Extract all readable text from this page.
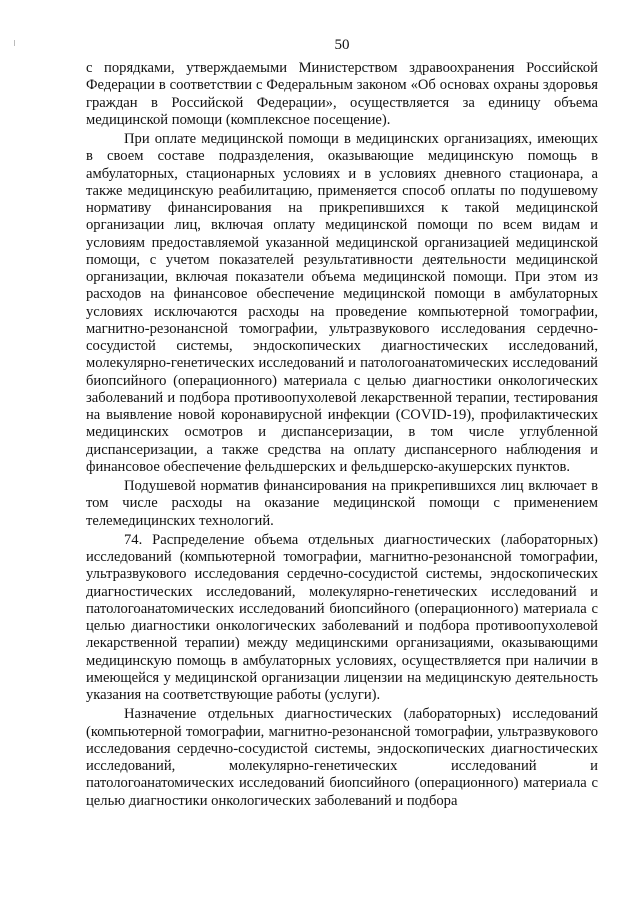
50

с порядками, утверждаемыми Министерством здравоохранения Российской Федерации в соответствии с Федеральным законом «Об основах охраны здоровья граждан в Российской Федерации», осуществляется за единицу объема медицинской помощи (комплексное посещение).

При оплате медицинской помощи в медицинских организациях, имеющих в своем составе подразделения, оказывающие медицинскую помощь в амбулаторных, стационарных условиях и в условиях дневного стационара, а также медицинскую реабилитацию, применяется способ оплаты по подушевому нормативу финансирования на прикрепившихся к такой медицинской организации лиц, включая оплату медицинской помощи по всем видам и условиям предоставляемой указанной медицинской организацией медицинской помощи, с учетом показателей результативности деятельности медицинской организации, включая показатели объема медицинской помощи. При этом из расходов на финансовое обеспечение медицинской помощи в амбулаторных условиях исключаются расходы на проведение компьютерной томографии, магнитно-резонансной томографии, ультразвукового исследования сердечно-сосудистой системы, эндоскопических диагностических исследований, молекулярно-генетических исследований и патологоанатомических исследований биопсийного (операционного) материала с целью диагностики онкологических заболеваний и подбора противоопухолевой лекарственной терапии, тестирования на выявление новой коронавирусной инфекции (COVID-19), профилактических медицинских осмотров и диспансеризации, в том числе углубленной диспансеризации, а также средства на оплату диспансерного наблюдения и финансовое обеспечение фельдшерских и фельдшерско-акушерских пунктов.

Подушевой норматив финансирования на прикрепившихся лиц включает в том числе расходы на оказание медицинской помощи с применением телемедицинских технологий.

74. Распределение объема отдельных диагностических (лабораторных) исследований (компьютерной томографии, магнитно-резонансной томографии, ультразвукового исследования сердечно-сосудистой системы, эндоскопических диагностических исследований, молекулярно-генетических исследований и патологоанатомических исследований биопсийного (операционного) материала с целью диагностики онкологических заболеваний и подбора противоопухолевой лекарственной терапии) между медицинскими организациями, оказывающими медицинскую помощь в амбулаторных условиях, осуществляется при наличии в имеющейся у медицинской организации лицензии на медицинскую деятельность указания на соответствующие работы (услуги).

Назначение отдельных диагностических (лабораторных) исследований (компьютерной томографии, магнитно-резонансной томографии, ультразвукового исследования сердечно-сосудистой системы, эндоскопических диагностических исследований, молекулярно-генетических исследований и патологоанатомических исследований биопсийного (операционного) материала с целью диагностики онкологических заболеваний и подбора
